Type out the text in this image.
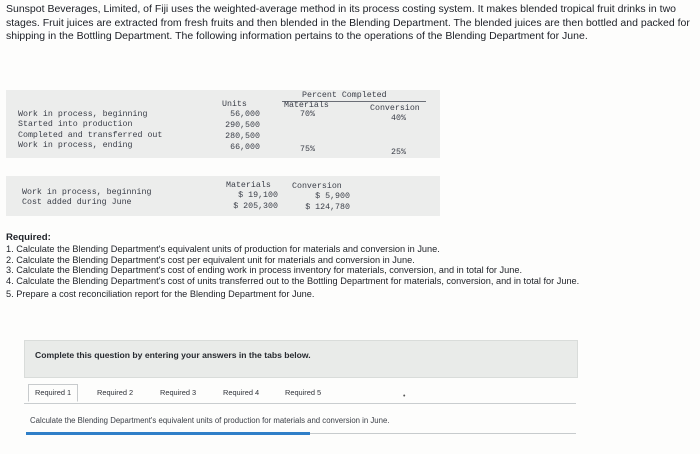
Sunspot Beverages, Limited, of Fiji uses the weighted-average method in its process costing system. It makes blended tropical fruit drinks in two stages. Fruit juices are extracted from fresh fruits and then blended in the Blending Department. The blended juices are then bottled and packed for shipping in the Bottling Department. The following information pertains to the operations of the Blending Department for June.
Percent Completed
Units	Materials	Conversion
Work in process, beginning	56,000	70%	40%
Started into production	290,500
Completed and transferred out	280,500
Work in process, ending	66,000	75%	25%
Materials	Conversion
Work in process, beginning	$ 19,100	$ 5,900
Cost added during June	$ 205,300	$ 124,780
Required:
1. Calculate the Blending Department's equivalent units of production for materials and conversion in June.
2. Calculate the Blending Department's cost per equivalent unit for materials and conversion in June.
3. Calculate the Blending Department's cost of ending work in process inventory for materials, conversion, and in total for June.
4. Calculate the Blending Department's cost of units transferred out to the Bottling Department for materials, conversion, and in total for June.
5. Prepare a cost reconciliation report for the Blending Department for June.
Complete this question by entering your answers in the tabs below.
Required 1	Required 2	Required 3	Required 4	Required 5	•
Calculate the Blending Department's equivalent units of production for materials and conversion in June.
